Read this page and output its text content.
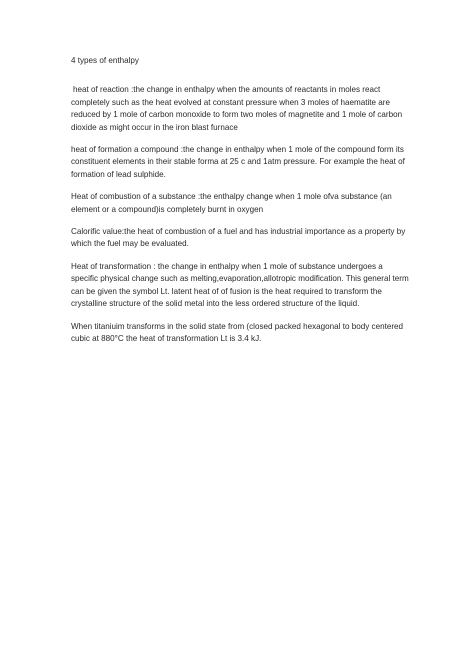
4 types of enthalpy

heat of reaction :the change in enthalpy when the amounts of reactants in moles react completely such as the heat evolved at constant pressure when 3 moles of haematite are reduced by 1 mole of carbon monoxide to form two moles of magnetite and 1 mole of carbon dioxide as might occur in the iron blast furnace

heat of formation a compound :the change in enthalpy when 1 mole of the compound form its constituent elements in their stable forma at 25 c and 1atm pressure. For example the heat of formation of lead sulphide.

Heat of combustion of a substance :the enthalpy change when 1 mole ofva substance (an element or a compound)is completely burnt in oxygen

Calorific value:the heat of combustion of a fuel and has industrial importance as a property by which the fuel may be evaluated.

Heat of transformation : the change in enthalpy when 1 mole of substance undergoes a specific physical change such as melting,evaporation,allotropic modification. This general term can be given the symbol Lt. latent heat of of fusion is the heat required to transform the crystalline structure of the solid metal into the less ordered structure of the liquid.

When titaniuim transforms in the solid state from (closed packed hexagonal to body centered cubic at 880°C the heat of transformation Lt is 3.4 kJ.
